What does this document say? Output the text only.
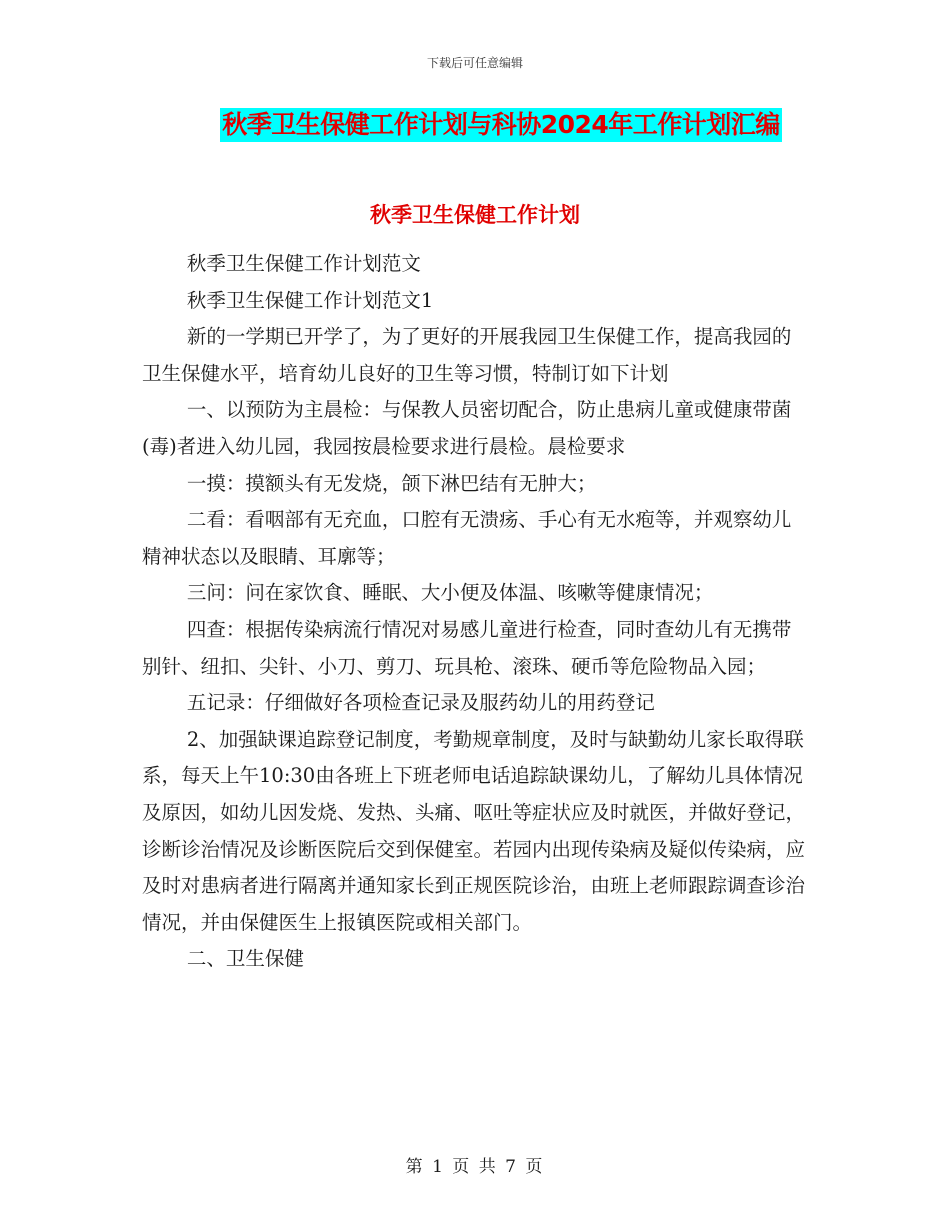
下载后可任意编辑
秋季卫生保健工作计划与科协2024年工作计划汇编
秋季卫生保健工作计划

秋季卫生保健工作计划范文

秋季卫生保健工作计划范文1

新的一学期已开学了，为了更好的开展我园卫生保健工作，提高我园的卫生保健水平，培育幼儿良好的卫生等习惯，特制订如下计划

一、以预防为主晨检：与保教人员密切配合，防止患病儿童或健康带菌(毒)者进入幼儿园，我园按晨检要求进行晨检。晨检要求

一摸：摸额头有无发烧，颌下淋巴结有无肿大；

二看：看咽部有无充血，口腔有无溃疡、手心有无水疱等，并观察幼儿精神状态以及眼睛、耳廓等；

三问：问在家饮食、睡眠、大小便及体温、咳嗽等健康情况；

四查：根据传染病流行情况对易感儿童进行检查，同时查幼儿有无携带别针、纽扣、尖针、小刀、剪刀、玩具枪、滚珠、硬币等危险物品入园；

五记录：仔细做好各项检查记录及服药幼儿的用药登记

2、加强缺课追踪登记制度，考勤规章制度，及时与缺勤幼儿家长取得联系，每天上午10:30由各班上下班老师电话追踪缺课幼儿，了解幼儿具体情况及原因，如幼儿因发烧、发热、头痛、呕吐等症状应及时就医，并做好登记，诊断诊治情况及诊断医院后交到保健室。若园内出现传染病及疑似传染病，应及时对患病者进行隔离并通知家长到正规医院诊治，由班上老师跟踪调查诊治情况，并由保健医生上报镇医院或相关部门。

二、卫生保健

第 1 页 共 7 页
